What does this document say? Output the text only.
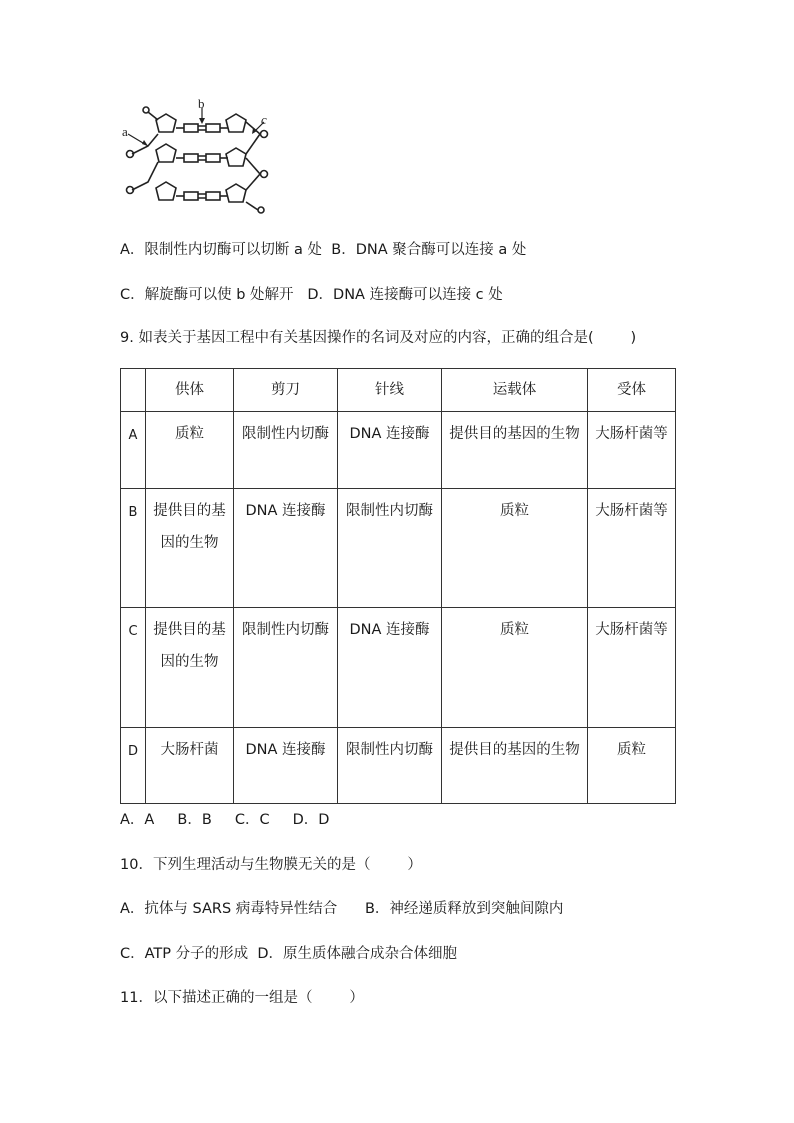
a
b
c
A．限制性内切酶可以切断 a 处  B．DNA 聚合酶可以连接 a 处
C．解旋酶可以使 b 处解开   D．DNA 连接酶可以连接 c 处
9. 如表关于基因工程中有关基因操作的名词及对应的内容，正确的组合是(        )
	供体	剪刀	针线	运载体	受体
A	质粒	限制性内切酶	DNA 连接酶	提供目的基因的生物	大肠杆菌等

B	提供目的基因的生物	DNA 连接酶	限制性内切酶	质粒	大肠杆菌等

C	提供目的基因的生物	限制性内切酶	DNA 连接酶	质粒	大肠杆菌等

D	大肠杆菌	DNA 连接酶	限制性内切酶	提供目的基因的生物	质粒
A．A     B．B     C．C     D．D
10．下列生理活动与生物膜无关的是（        ）
A．抗体与 SARS 病毒特异性结合      B．神经递质释放到突触间隙内
C．ATP 分子的形成  D．原生质体融合成杂合体细胞
11．以下描述正确的一组是（        ）
